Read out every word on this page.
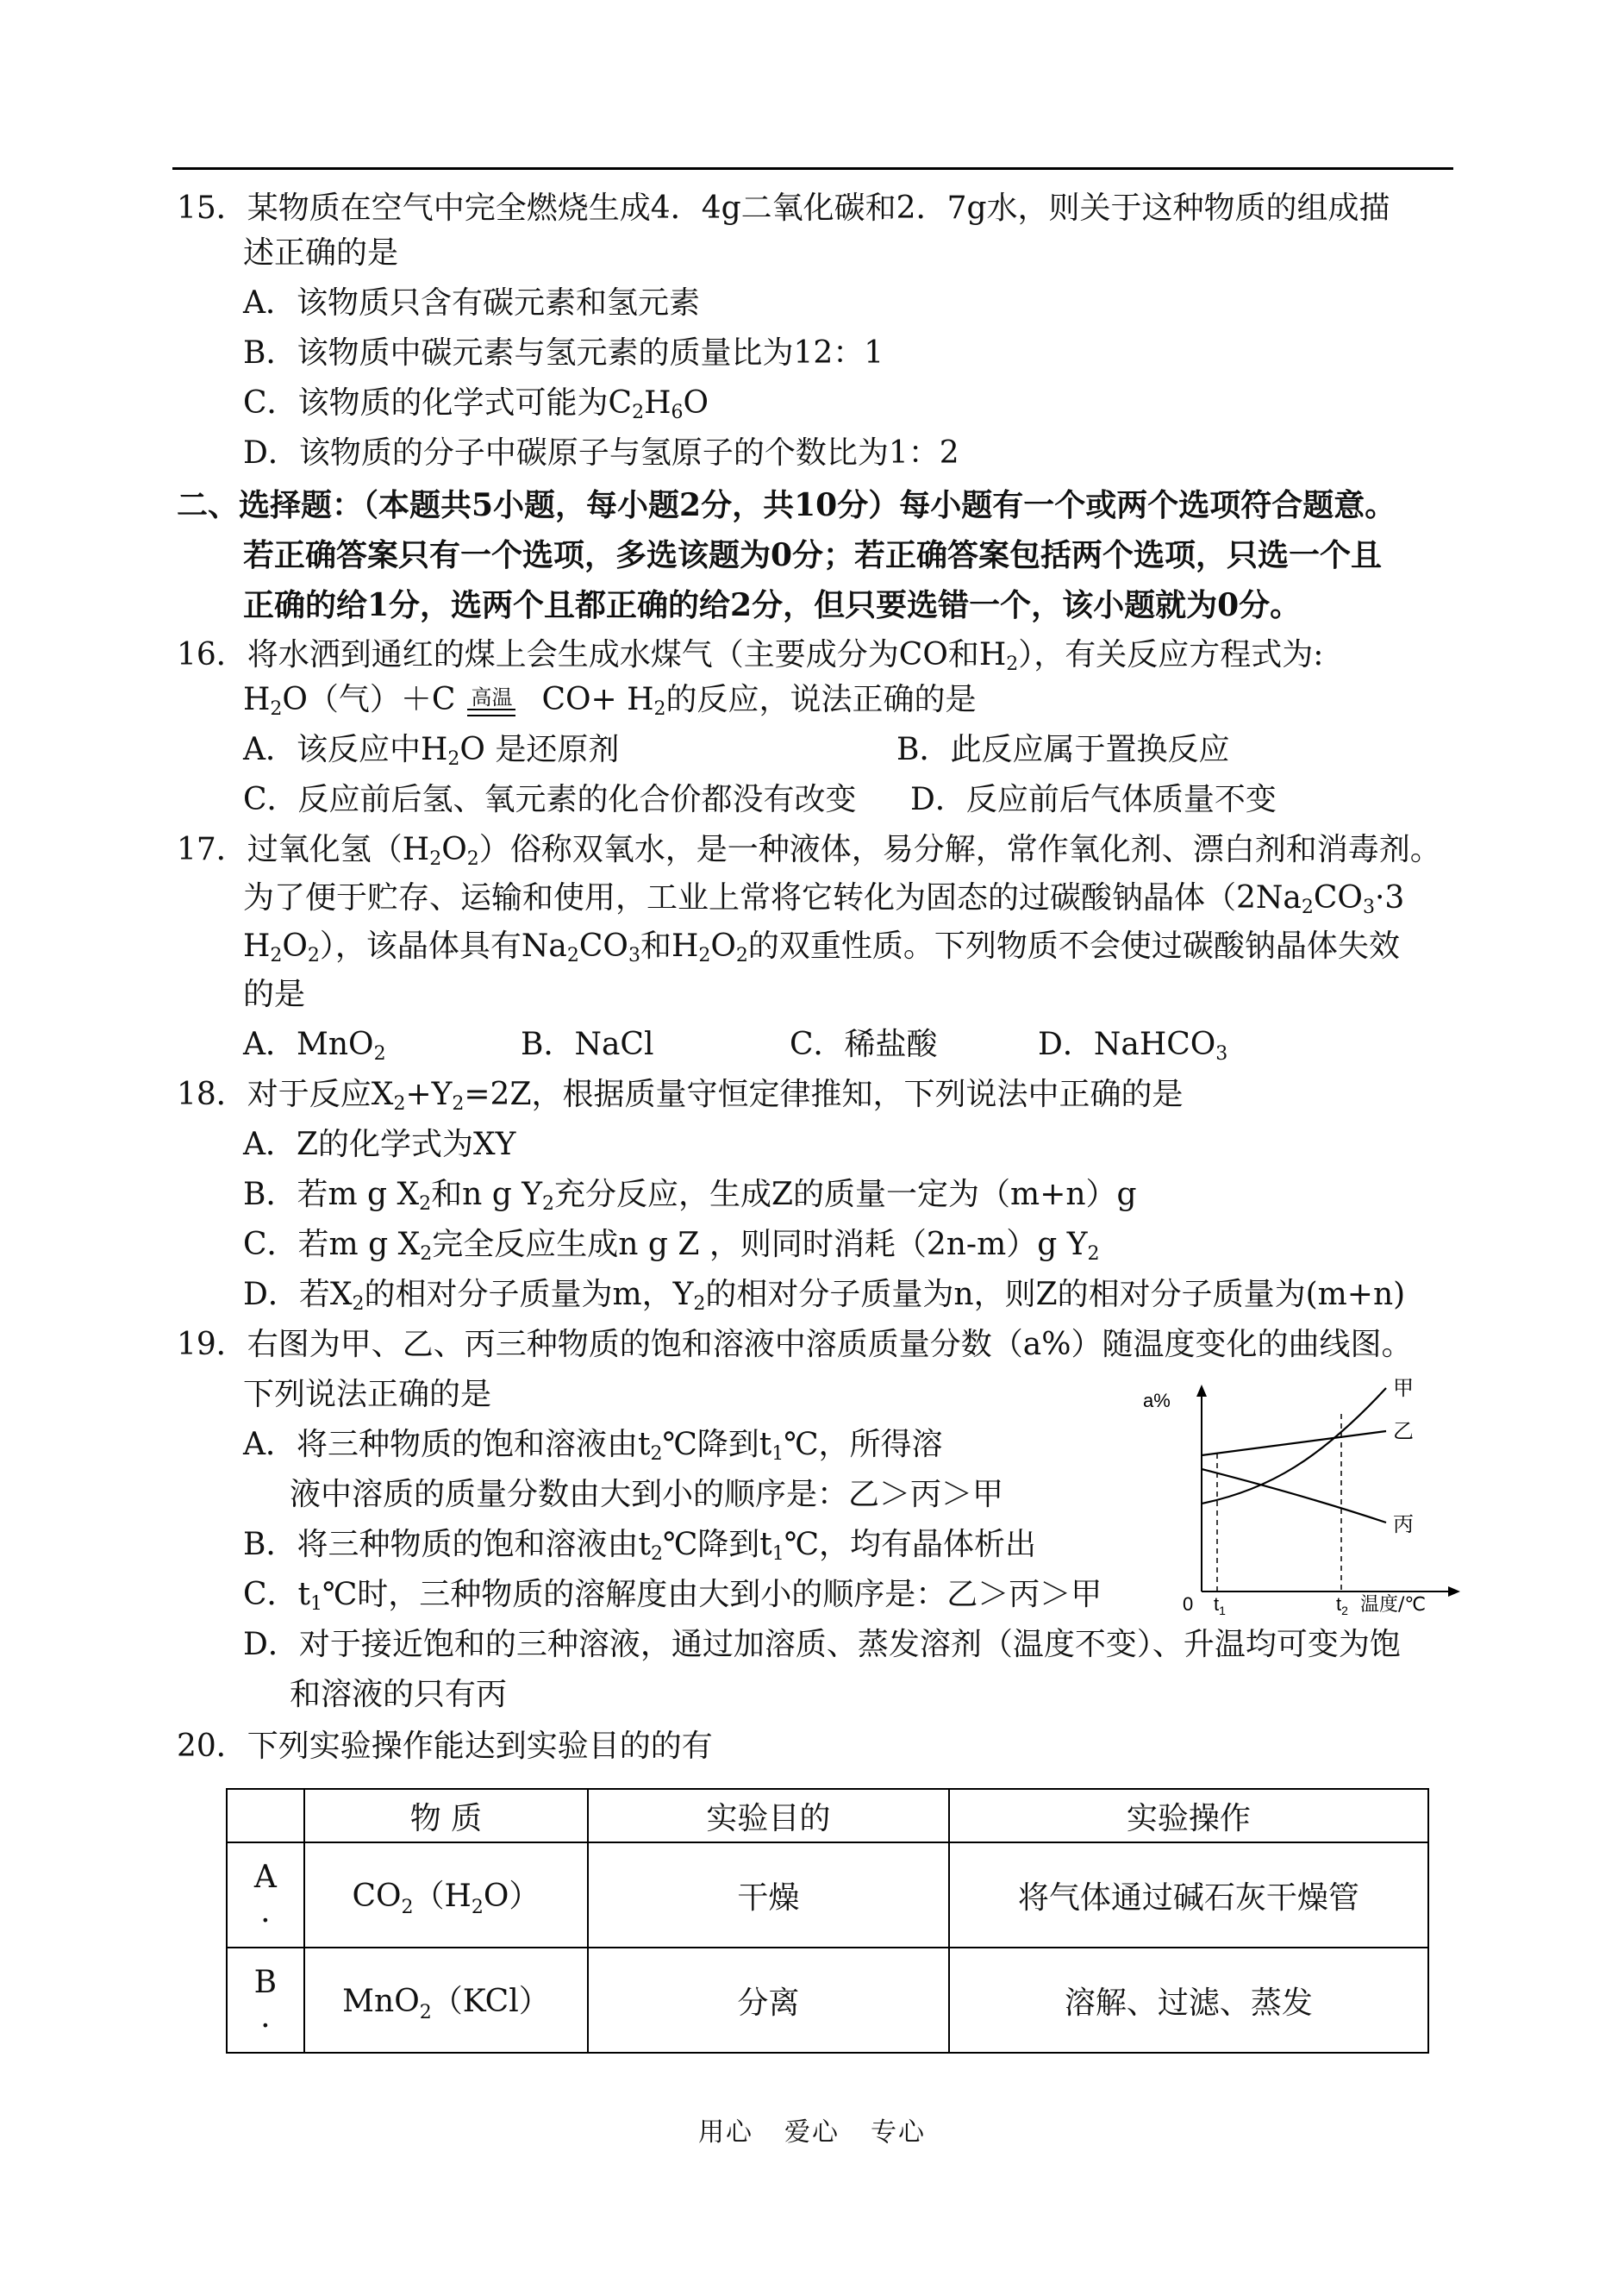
15．某物质在空气中完全燃烧生成4．4g二氧化碳和2．7g水，则关于这种物质的组成描
述正确的是
A．该物质只含有碳元素和氢元素
B．该物质中碳元素与氢元素的质量比为12：1
C．该物质的化学式可能为$C_2H_6O$
D．该物质的分子中碳原子与氢原子的个数比为1：2
二、选择题：（本题共5小题，每小题2分，共10分）每小题有一个或两个选项符合题意。
若正确答案只有一个选项，多选该题为0分；若正确答案包括两个选项，只选一个且
正确的给1分，选两个且都正确的给2分，但只要选错一个，该小题就为0分。
16．将水洒到通红的煤上会生成水煤气（主要成分为CO和$H_2$），有关反应方程式为:
$H_2O$（气）＋C 高温 $CO+ H_2$的反应，说法正确的是
A．该反应中$H_2O$ 是还原剂	B．此反应属于置换反应
C．反应前后氢、氧元素的化合价都没有改变 D．反应前后气体质量不变
17．过氧化氢$(H_2O_2)$俗称双氧水，是一种液体，易分解，常作氧化剂、漂白剂和消毒剂。
为了便于贮存、运输和使用，工业上常将它转化为固态的过碳酸钠晶体（$2Na_2CO_3\cdot 3$
$H_2O_2$），该晶体具有$Na_2CO_3$和$H_2O_2$的双重性质。下列物质不会使过碳酸钠晶体失效
的是
A．MnO$_2$	B．NaCl	C．稀盐酸	D．NaHCO$_3$
18．对于反应$X_2+Y_2=2Z$，根据质量守恒定律推知，下列说法中正确的是
A．Z的化学式为XY
B．若m g $X_2$和n g $Y_2$充分反应，生成Z的质量一定为（m+n）g
C．若m g $X_2$完全反应生成n g Z ，则同时消耗（2n-m）g $Y_2$
D．若$X_2$的相对分子质量为m，$Y_2$的相对分子质量为n，则Z的相对分子质量为(m+n)
19．右图为甲、乙、丙三种物质的饱和溶液中溶质质量分数（a%）随温度变化的曲线图。
下列说法正确的是
A．将三种物质的饱和溶液由$t_2℃$降到$t_1℃$，所得溶
液中溶质的质量分数由大到小的顺序是：乙＞丙＞甲
B．将三种物质的饱和溶液由$t_2℃$降到$t_1℃$，均有晶体析出
C．$t_1℃$时，三种物质的溶解度由大到小的顺序是：乙＞丙＞甲
D．对于接近饱和的三种溶液，通过加溶质、蒸发溶剂（温度不变）、升温均可变为饱
和溶液的只有丙
a%
甲
乙
丙
0 $t_1$	$t_2$ 温度/℃
20．下列实验操作能达到实验目的的有
	物 质	实验目的	实验操作

A
.	$CO_2(H_2O)$	干燥	将气体通过碱石灰干燥管

B
.	MnO$_2$（KCl）	分离	溶解、过滤、蒸发
用心 爱心 专心
